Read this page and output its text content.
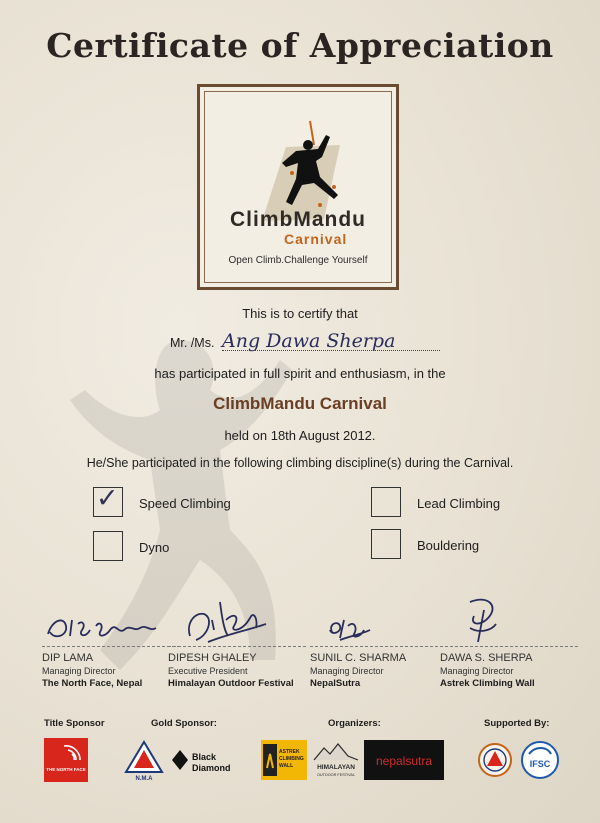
Certificate of Appreciation
ClimbMandu
Carnival
Open Climb.Challenge Yourself
This is to certify that
Mr. /Ms. Ang Dawa Sherpa
has participated in full spirit and enthusiasm, in the
ClimbMandu Carnival
held on 18th August 2012.
He/She participated in the following climbing discipline(s) during the Carnival.
✓ Speed Climbing	Lead Climbing
Dyno	Bouldering
DIP LAMA
Managing Director
The North Face, Nepal
DIPESH GHALEY
Executive President
Himalayan Outdoor Festival
SUNIL C. SHARMA
Managing Director
NepalSutra
DAWA S. SHERPA
Managing Director
Astrek Climbing Wall
Title Sponsor	Gold Sponsor:	Organizers:	Supported By:
THE NORTH FACE
N.M.A
Black
Diamond
ASTREK
CLIMBING
WALL	HIMALAYAN
OUTDOOR FESTIVAL
nepalsutra	IFSC
